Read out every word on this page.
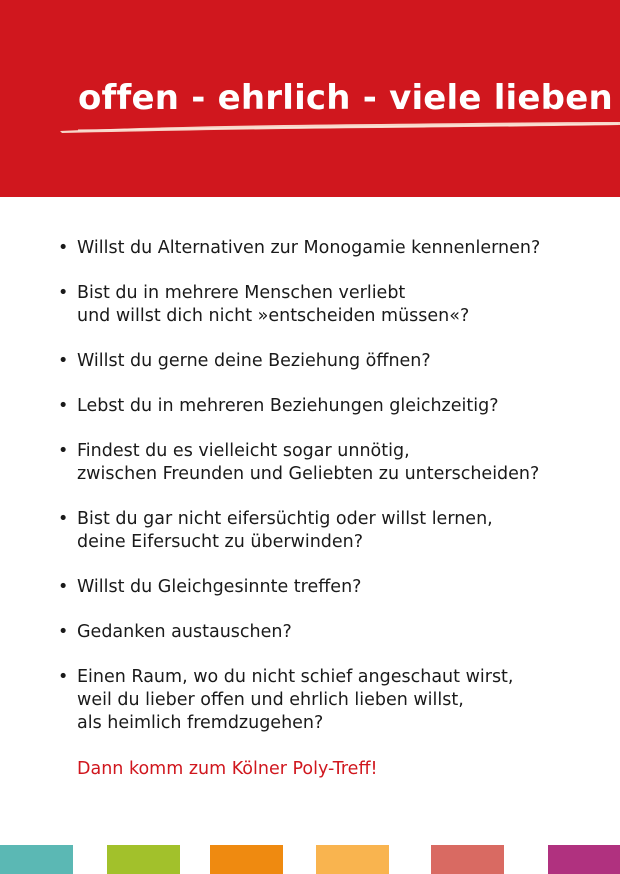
offen - ehrlich - viele lieben
• Willst du Alternativen zur Monogamie kennenlernen?
• Bist du in mehrere Menschen verliebt
und willst dich nicht »entscheiden müssen«?
• Willst du gerne deine Beziehung öffnen?
• Lebst du in mehreren Beziehungen gleichzeitig?
• Findest du es vielleicht sogar unnötig,
zwischen Freunden und Geliebten zu unterscheiden?
• Bist du gar nicht eifersüchtig oder willst lernen,
deine Eifersucht zu überwinden?
• Willst du Gleichgesinnte treffen?
• Gedanken austauschen?
• Einen Raum, wo du nicht schief angeschaut wirst,
weil du lieber offen und ehrlich lieben willst,
als heimlich fremdzugehen?

Dann komm zum Kölner Poly-Treff!
